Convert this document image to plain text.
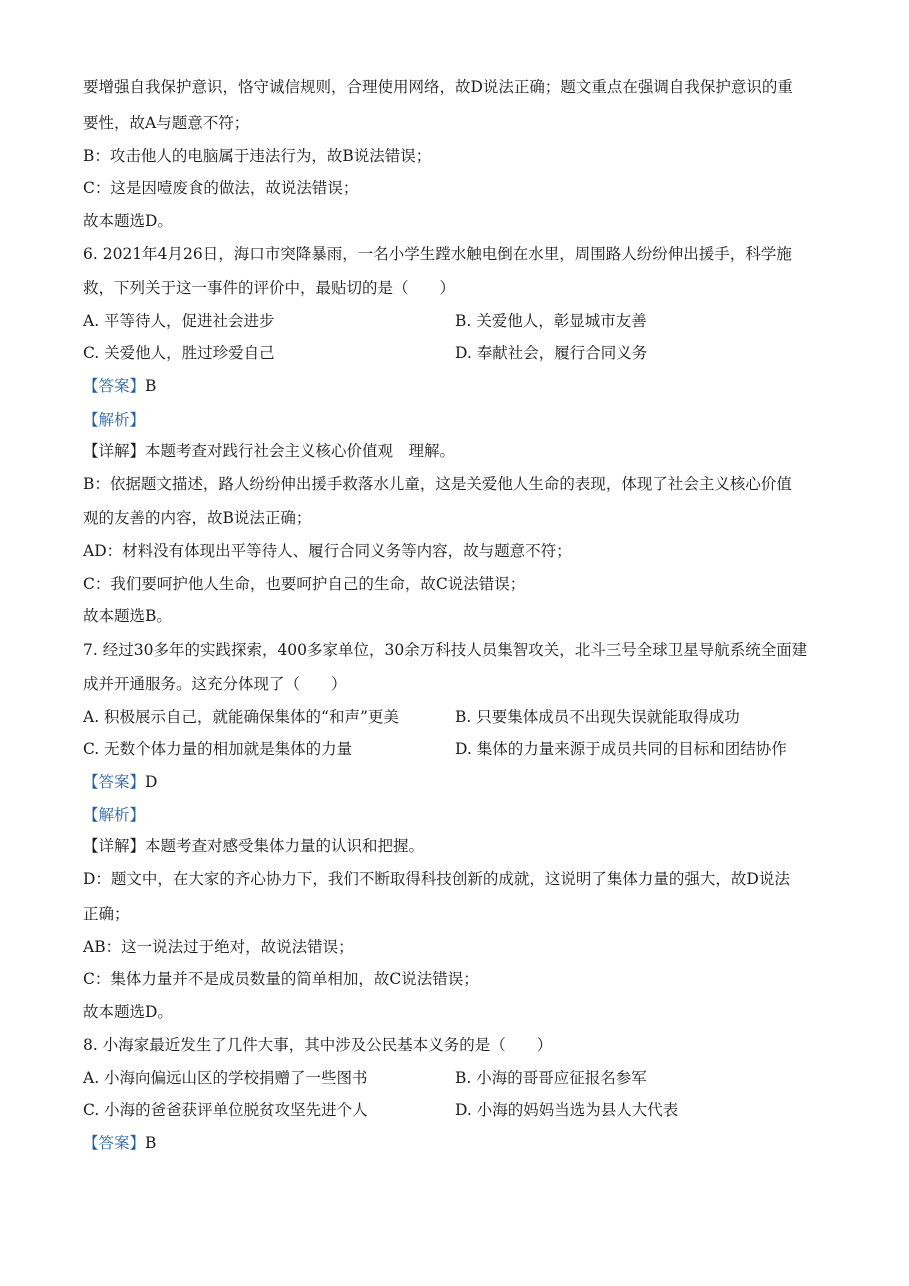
要增强自我保护意识，恪守诚信规则，合理使用网络，故D说法正确；题文重点在强调自我保护意识的重
要性，故A与题意不符；
B：攻击他人的电脑属于违法行为，故B说法错误；
C：这是因噎废食的做法，故说法错误；
故本题选D。
6. 2021年4月26日，海口市突降暴雨，一名小学生蹚水触电倒在水里，周围路人纷纷伸出援手，科学施
救，下列关于这一事件的评价中，最贴切的是（　　）
A. 平等待人，促进社会进步	B. 关爱他人，彰显城市友善
C. 关爱他人，胜过珍爱自己	D. 奉献社会，履行合同义务
【答案】B
【解析】
【详解】本题考查对践行社会主义核心价值观　理解。
B：依据题文描述，路人纷纷伸出援手救落水儿童，这是关爱他人生命的表现，体现了社会主义核心价值
观的友善的内容，故B说法正确；
AD：材料没有体现出平等待人、履行合同义务等内容，故与题意不符；
C：我们要呵护他人生命，也要呵护自己的生命，故C说法错误；
故本题选B。
7. 经过30多年的实践探索，400多家单位，30余万科技人员集智攻关，北斗三号全球卫星导航系统全面建
成并开通服务。这充分体现了（　　）
A. 积极展示自己，就能确保集体的“和声”更美	B. 只要集体成员不出现失误就能取得成功
C. 无数个体力量的相加就是集体的力量	D. 集体的力量来源于成员共同的目标和团结协作
【答案】D
【解析】
【详解】本题考查对感受集体力量的认识和把握。
D：题文中，在大家的齐心协力下，我们不断取得科技创新的成就，这说明了集体力量的强大，故D说法
正确；
AB：这一说法过于绝对，故说法错误；
C：集体力量并不是成员数量的简单相加，故C说法错误；
故本题选D。
8. 小海家最近发生了几件大事，其中涉及公民基本义务的是（　　）
A. 小海向偏远山区的学校捐赠了一些图书	B. 小海的哥哥应征报名参军
C. 小海的爸爸获评单位脱贫攻坚先进个人	D. 小海的妈妈当选为县人大代表
【答案】B
